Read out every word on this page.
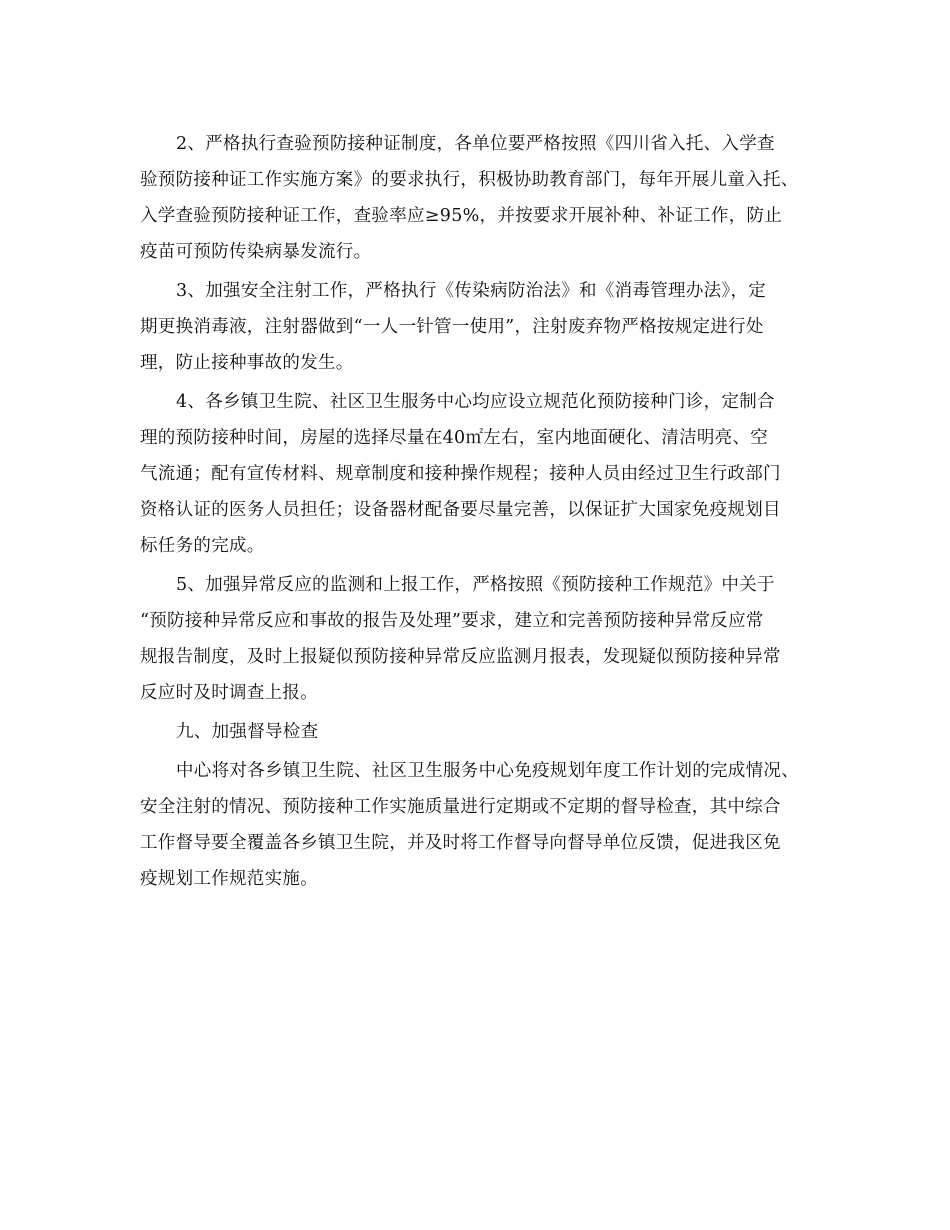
2、严格执行查验预防接种证制度，各单位要严格按照《四川省入托、入学查
验预防接种证工作实施方案》的要求执行，积极协助教育部门，每年开展儿童入托、
入学查验预防接种证工作，查验率应≥95%，并按要求开展补种、补证工作，防止
疫苗可预防传染病暴发流行。
3、加强安全注射工作，严格执行《传染病防治法》和《消毒管理办法》，定
期更换消毒液，注射器做到“一人一针管一使用”，注射废弃物严格按规定进行处
理，防止接种事故的发生。
4、各乡镇卫生院、社区卫生服务中心均应设立规范化预防接种门诊，定制合
理的预防接种时间，房屋的选择尽量在40㎡左右，室内地面硬化、清洁明亮、空
气流通；配有宣传材料、规章制度和接种操作规程；接种人员由经过卫生行政部门
资格认证的医务人员担任；设备器材配备要尽量完善，以保证扩大国家免疫规划目
标任务的完成。
5、加强异常反应的监测和上报工作，严格按照《预防接种工作规范》中关于
“预防接种异常反应和事故的报告及处理”要求，建立和完善预防接种异常反应常
规报告制度，及时上报疑似预防接种异常反应监测月报表，发现疑似预防接种异常
反应时及时调查上报。
九、加强督导检查
中心将对各乡镇卫生院、社区卫生服务中心免疫规划年度工作计划的完成情况、
安全注射的情况、预防接种工作实施质量进行定期或不定期的督导检查，其中综合
工作督导要全覆盖各乡镇卫生院，并及时将工作督导向督导单位反馈，促进我区免
疫规划工作规范实施。
